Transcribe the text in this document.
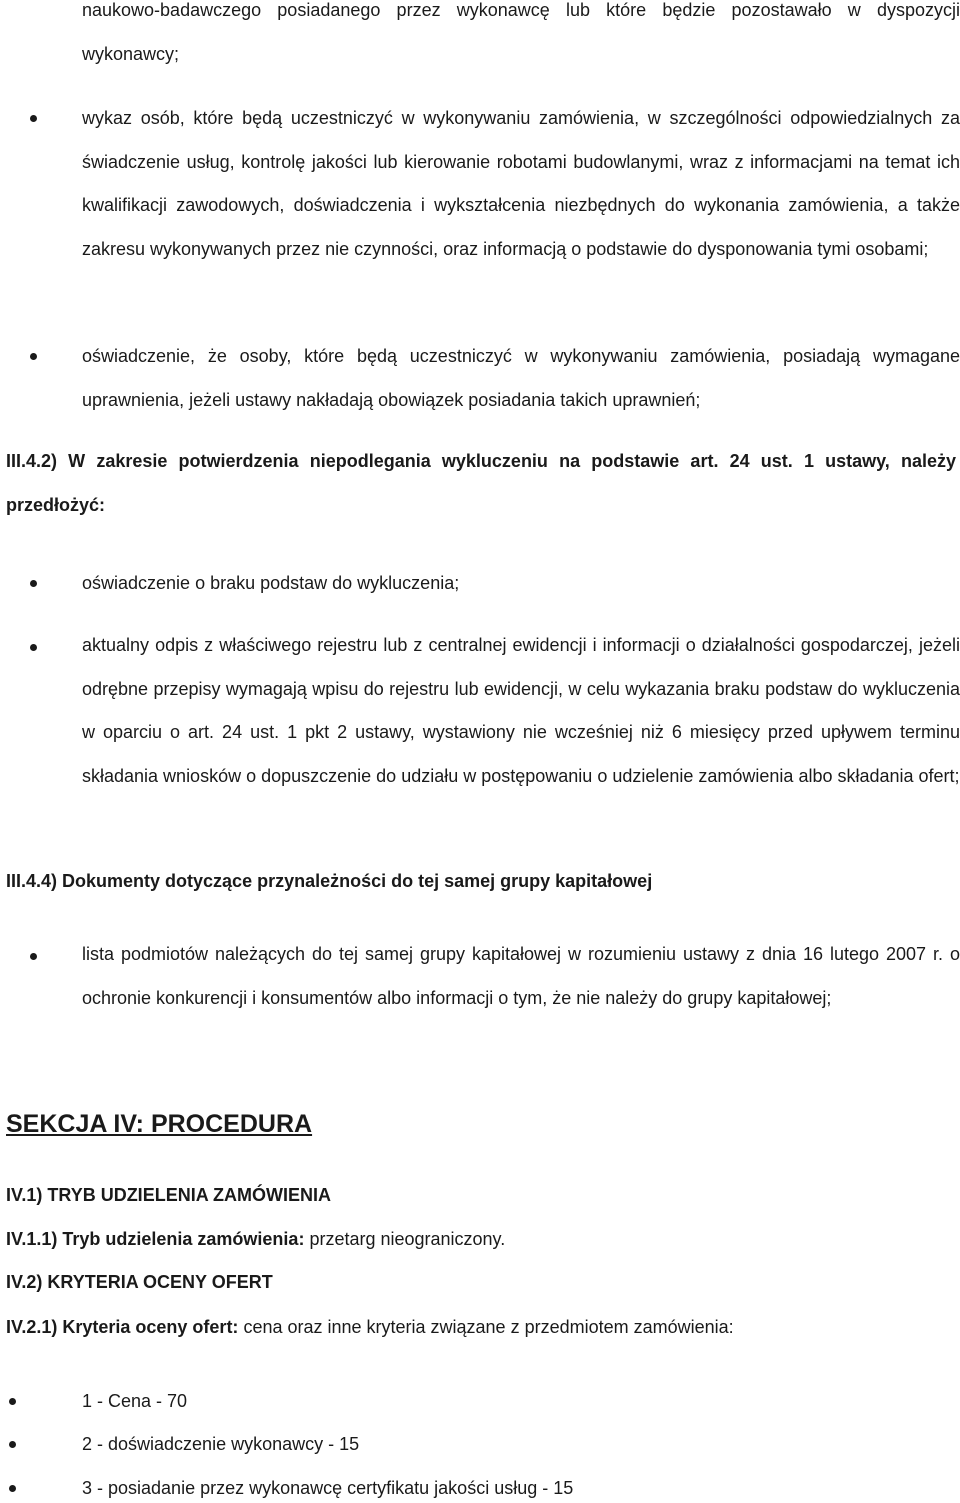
naukowo-badawczego posiadanego przez wykonawcę lub które będzie pozostawało w dyspozycji wykonawcy;
wykaz osób, które będą uczestniczyć w wykonywaniu zamówienia, w szczególności odpowiedzialnych za świadczenie usług, kontrolę jakości lub kierowanie robotami budowlanymi, wraz z informacjami na temat ich kwalifikacji zawodowych, doświadczenia i wykształcenia niezbędnych do wykonania zamówienia, a także zakresu wykonywanych przez nie czynności, oraz informacją o podstawie do dysponowania tymi osobami;
oświadczenie, że osoby, które będą uczestniczyć w wykonywaniu zamówienia, posiadają wymagane uprawnienia, jeżeli ustawy nakładają obowiązek posiadania takich uprawnień;
III.4.2) W zakresie potwierdzenia niepodlegania wykluczeniu na podstawie art. 24 ust. 1 ustawy, należy przedłożyć:
oświadczenie o braku podstaw do wykluczenia;
aktualny odpis z właściwego rejestru lub z centralnej ewidencji i informacji o działalności gospodarczej, jeżeli odrębne przepisy wymagają wpisu do rejestru lub ewidencji, w celu wykazania braku podstaw do wykluczenia w oparciu o art. 24 ust. 1 pkt 2 ustawy, wystawiony nie wcześniej niż 6 miesięcy przed upływem terminu składania wniosków o dopuszczenie do udziału w postępowaniu o udzielenie zamówienia albo składania ofert;
III.4.4) Dokumenty dotyczące przynależności do tej samej grupy kapitałowej
lista podmiotów należących do tej samej grupy kapitałowej w rozumieniu ustawy z dnia 16 lutego 2007 r. o ochronie konkurencji i konsumentów albo informacji o tym, że nie należy do grupy kapitałowej;
SEKCJA IV: PROCEDURA
IV.1) TRYB UDZIELENIA ZAMÓWIENIA
IV.1.1) Tryb udzielenia zamówienia: przetarg nieograniczony.
IV.2) KRYTERIA OCENY OFERT
IV.2.1) Kryteria oceny ofert: cena oraz inne kryteria związane z przedmiotem zamówienia:
1 - Cena - 70
2 - doświadczenie wykonawcy - 15
3 - posiadanie przez wykonawcę certyfikatu jakości usług - 15
